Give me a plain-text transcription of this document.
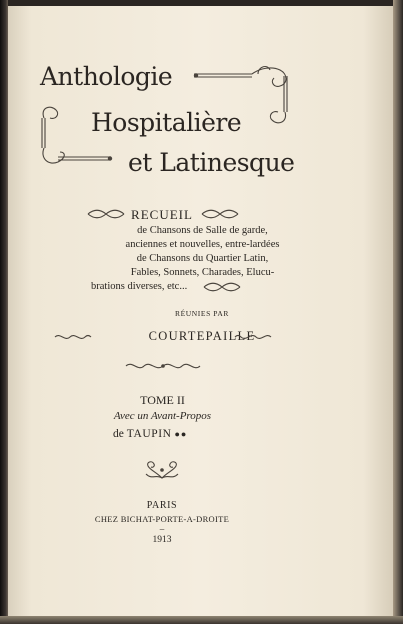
Anthologie
Hospitalière
et Latinesque
RECUEIL
de Chansons de Salle de garde,
anciennes et nouvelles, entre-lardées
de Chansons du Quartier Latin,
Fables, Sonnets, Charades, Elucu-
brations diverses, etc...
RÉUNIES PAR
COURTEPAILLE
TOME II
Avec un Avant-Propos
de TAUPIN ●●
PARIS
CHEZ BICHAT-PORTE-A-DROITE
–
1913
